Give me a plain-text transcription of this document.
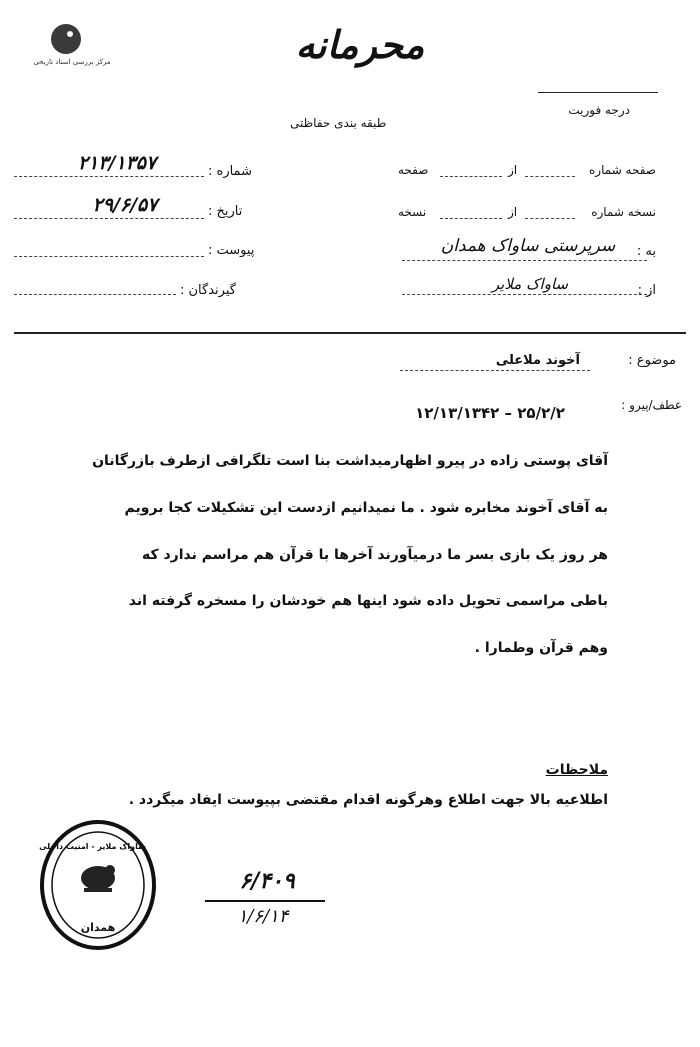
مرکز بررسی اسناد تاریخی	محرمانه
درجه فوریت
طبقه بندی حفاظتی
صفحه شماره
از
صفحه
نسخه شماره
از
نسخه
به :
سرپرستی ساواک همدان
از :
ساواک ملایر
شماره :
۲۱۳/۱۳۵۷
تاریخ :
۲۹/۶/۵۷
پیوست :
گیرندگان :
موضوع :
آخوند ملاعلی
عطف/پیرو :
۲۵/۲/۲ – ۱۲/۱۳/۱۳۴۲
آقای پوستی زاده در پیرو اظهارمیداشت بنا است تلگرافی ازطرف بازرگانان
به آقای آخوند مخابره شود . ما نمیدانیم ازدست این تشکیلات کجا برویم
هر روز یک بازی بسر ما درمیآورند آخرها با قرآن هم مراسم ندارد که
باطی مراسمی تحویل داده شود اینها هم خودشان را مسخره گرفته اند
وهم قرآن وطمارا .
ملاحظات
اطلاعیه بالا جهت اطلاع وهرگونه اقدام مقتضی بپیوست ایفاد میگردد .
ساواک ملایر - امنیت داخلی
همدان
۶/۴۰۹
۱/۶/۱۴
